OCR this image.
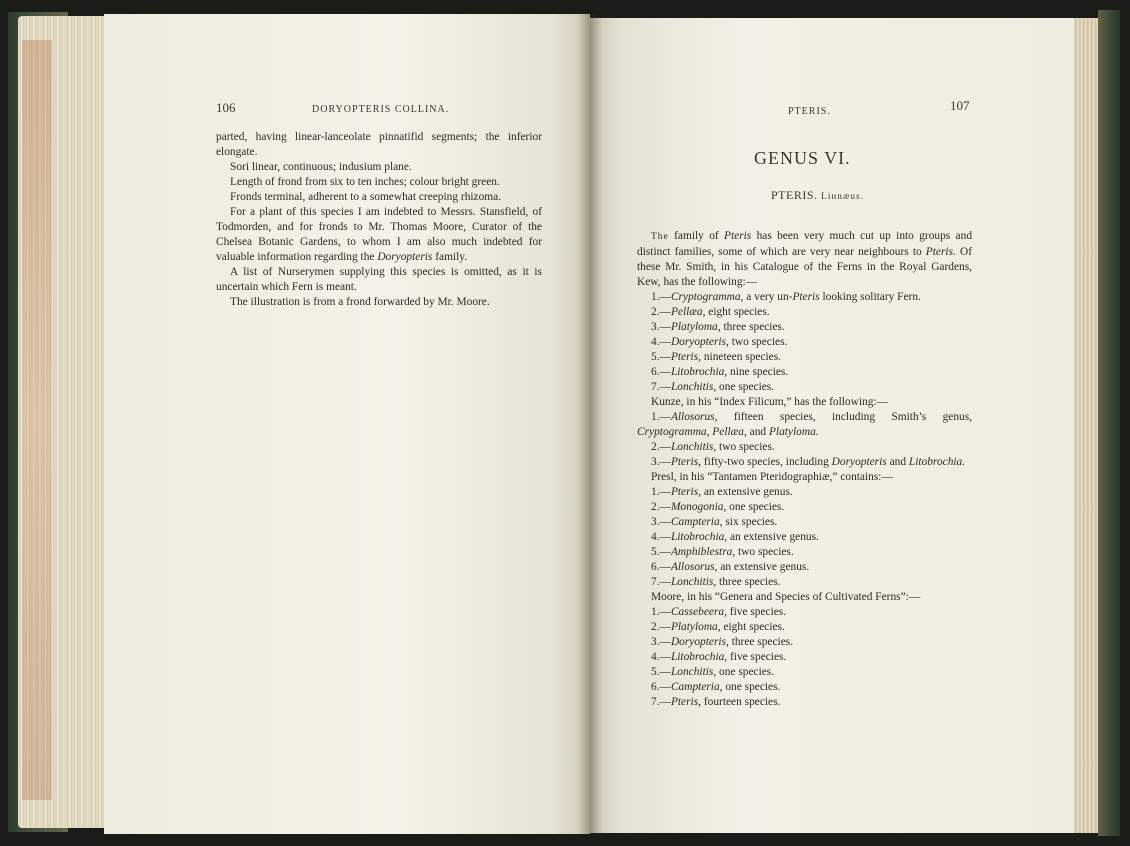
106	DORYOPTERIS COLLINA.

parted, having linear-lanceolate pinnatifid segments; the inferior elongate.

Sori linear, continuous; indusium plane.

Length of frond from six to ten inches; colour bright green.

Fronds terminal, adherent to a somewhat creeping rhizoma.

For a plant of this species I am indebted to Messrs. Stansfield, of Todmorden, and for fronds to Mr. Thomas Moore, Curator of the Chelsea Botanic Gardens, to whom I am also much indebted for valuable information regarding the Doryopteris family.

A list of Nurserymen supplying this species is omitted, as it is uncertain which Fern is meant.

The illustration is from a frond forwarded by Mr. Moore.

PTERIS.	107
GENUS VI.
PTERIS. Linnæus.

The family of Pteris has been very much cut up into groups and distinct families, some of which are very near neighbours to Pteris. Of these Mr. Smith, in his Catalogue of the Ferns in the Royal Gardens, Kew, has the following:—

1.—Cryptogramma, a very un-Pteris looking solitary Fern.

2.—Pellæa, eight species.

3.—Platyloma, three species.

4.—Doryopteris, two species.

5.—Pteris, nineteen species.

6.—Litobrochia, nine species.

7.—Lonchitis, one species.

Kunze, in his “Index Filicum,” has the following:—

1.—Allosorus, fifteen species, including Smith’s genus, Cryptogramma, Pellæa, and Platyloma.

2.—Lonchitis, two species.

3.—Pteris, fifty-two species, including Doryopteris and Litobrochia.

Presl, in his “Tantamen Pteridographiæ,” contains:—

1.—Pteris, an extensive genus.

2.—Monogonia, one species.

3.—Campteria, six species.

4.—Litobrochia, an extensive genus.

5.—Amphiblestra, two species.

6.—Allosorus, an extensive genus.

7.—Lonchitis, three species.

Moore, in his “Genera and Species of Cultivated Ferns”:—

1.—Cassebeera, five species.

2.—Platyloma, eight species.

3.—Doryopteris, three species.

4.—Litobrochia, five species.

5.—Lonchitis, one species.

6.—Campteria, one species.

7.—Pteris, fourteen species.
